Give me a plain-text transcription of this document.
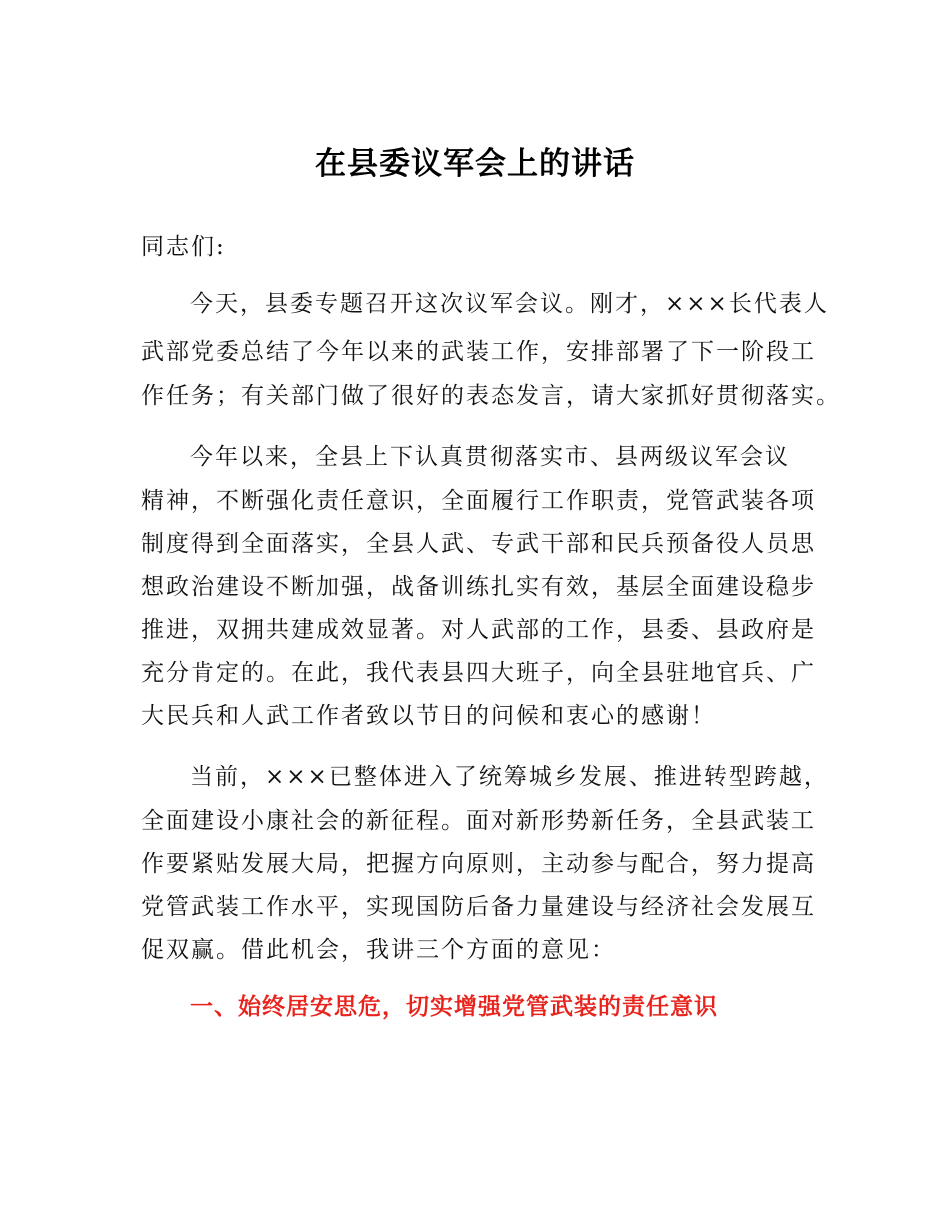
在县委议军会上的讲话
同志们:
今天，县委专题召开这次议军会议。刚才，×××长代表人
武部党委总结了今年以来的武装工作，安排部署了下一阶段工
作任务；有关部门做了很好的表态发言，请大家抓好贯彻落实。
今年以来，全县上下认真贯彻落实市、县两级议军会议
精神，不断强化责任意识，全面履行工作职责，党管武装各项
制度得到全面落实，全县人武、专武干部和民兵预备役人员思
想政治建设不断加强，战备训练扎实有效，基层全面建设稳步
推进，双拥共建成效显著。对人武部的工作，县委、县政府是
充分肯定的。在此，我代表县四大班子，向全县驻地官兵、广
大民兵和人武工作者致以节日的问候和衷心的感谢！
当前，×××已整体进入了统筹城乡发展、推进转型跨越，
全面建设小康社会的新征程。面对新形势新任务，全县武装工
作要紧贴发展大局，把握方向原则，主动参与配合，努力提高
党管武装工作水平，实现国防后备力量建设与经济社会发展互
促双赢。借此机会，我讲三个方面的意见：
一、始终居安思危，切实增强党管武装的责任意识
